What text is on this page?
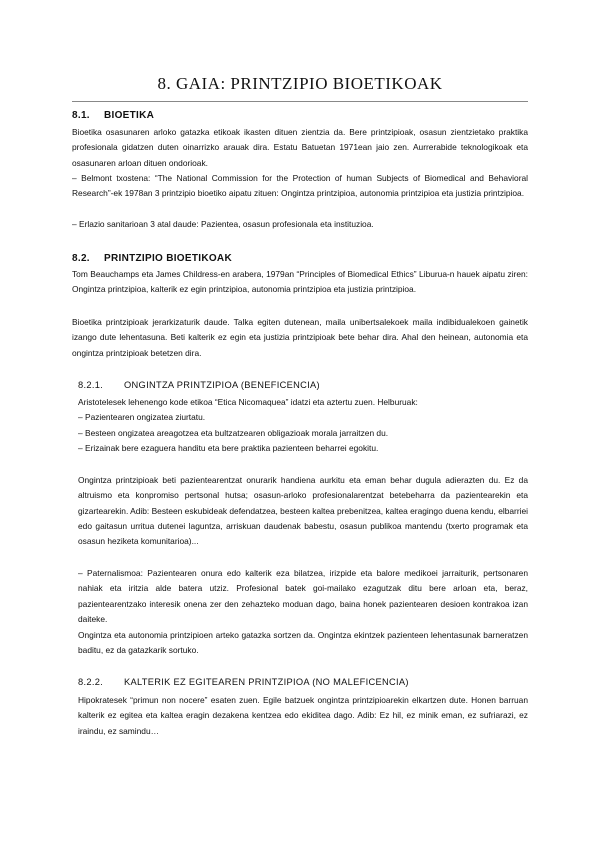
8. GAIA: PRINTZIPIO BIOETIKOAK
8.1. BIOETIKA
Bioetika osasunaren arloko gatazka etikoak ikasten dituen zientzia da. Bere printzipioak, osasun zientzietako praktika profesionala gidatzen duten oinarrizko arauak dira. Estatu Batuetan 1971ean jaio zen. Aurrerabide teknologikoak eta osasunaren arloan dituen ondorioak.
– Belmont txostena: “The National Commission for the Protection of human Subjects of Biomedical and Behavioral Research”-ek 1978an 3 printzipio bioetiko aipatu zituen: Ongintza printzipioa, autonomia printzipioa eta justizia printzipioa.
– Erlazio sanitarioan 3 atal daude: Pazientea, osasun profesionala eta instituzioa.
8.2. PRINTZIPIO BIOETIKOAK
Tom Beauchamps eta James Childress-en arabera, 1979an “Principles of Biomedical Ethics” Liburua-n hauek aipatu ziren: Ongintza printzipioa, kalterik ez egin printzipioa, autonomia printzipioa eta justizia printzipioa.
Bioetika printzipioak jerarkizaturik daude. Talka egiten dutenean, maila unibertsalekoek maila indibidualekoen gainetik izango dute lehentasuna. Beti kalterik ez egin eta justizia printzipioak bete behar dira. Ahal den heinean, autonomia eta ongintza printzipioak betetzen dira.
8.2.1. ONGINTZA PRINTZIPIOA (BENEFICENCIA)
Aristotelesek lehenengo kode etikoa “Etica Nicomaquea” idatzi eta aztertu zuen. Helburuak:
– Pazientearen ongizatea ziurtatu.
– Besteen ongizatea areagotzea eta bultzatzearen obligazioak morala jarraitzen du.
– Erizainak bere ezaguera handitu eta bere praktika pazienteen beharrei egokitu.
Ongintza printzipioak beti pazientearentzat onurarik handiena aurkitu eta eman behar dugula adierazten du. Ez da altruismo eta konpromiso pertsonal hutsa; osasun-arloko profesionalarentzat betebeharra da pazientearekin eta gizartearekin. Adib: Besteen eskubideak defendatzea, besteen kaltea prebenitzea, kaltea eragingo duena kendu, elbarriei edo gaitasun urritua dutenei laguntza, arriskuan daudenak babestu, osasun publikoa mantendu (txerto programak eta osasun heziketa komunitarioa)...
– Paternalismoa: Pazientearen onura edo kalterik eza bilatzea, irizpide eta balore medikoei jarraiturik, pertsonaren nahiak eta iritzia alde batera utziz. Profesional batek goi-mailako ezagutzak ditu bere arloan eta, beraz, pazientearentzako interesik onena zer den zehazteko moduan dago, baina honek pazientearen desioen kontrakoa izan daiteke.
Ongintza eta autonomia printzipioen arteko gatazka sortzen da. Ongintza ekintzek pazienteen lehentasunak barneratzen baditu, ez da gatazkarik sortuko.
8.2.2. KALTERIK EZ EGITEAREN PRINTZIPIOA (NO MALEFICENCIA)
Hipokratesek “primun non nocere” esaten zuen. Egile batzuek ongintza printzipioarekin elkartzen dute. Honen barruan kalterik ez egitea eta kaltea eragin dezakena kentzea edo ekiditea dago. Adib: Ez hil, ez minik eman, ez sufriarazi, ez iraindu, ez samindu…
